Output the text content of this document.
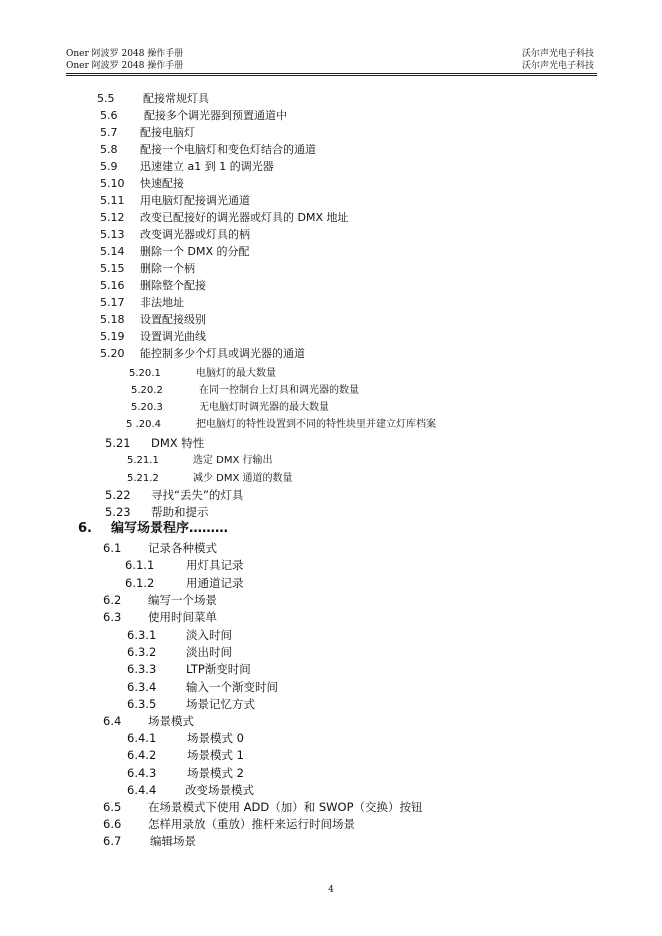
Oner 阿波罗 2048 操作手册	沃尔声光电子科技
Oner 阿波罗 2048 操作手册	沃尔声光电子科技
5.5	配接常规灯具
5.6 配接多个调光器到预置通道中
5.7 配接电脑灯
5.8 配接一个电脑灯和变色灯结合的通道
5.9 迅速建立 a1 到 1 的调光器
5.10 快速配接
5.11 用电脑灯配接调光通道
5.12 改变已配接好的调光器或灯具的 DMX 地址
5.13 改变调光器或灯具的柄
5.14 删除一个 DMX 的分配
5.15 删除一个柄
5.16 删除整个配接
5.17 非法地址
5.18 设置配接级别
5.19 设置调光曲线
5.20 能控制多少个灯具或调光器的通道
5.20.1	电脑灯的最大数量
5.20.2	在同一控制台上灯具和调光器的数量
5.20.3	无电脑灯时调光器的最大数量
5 .20.4	把电脑灯的特性设置到不同的特性块里并建立灯库档案
5.21 DMX 特性
5.21.1	选定 DMX 行输出
5.21.2	减少 DMX 通道的数量
5.22 寻找“丢失”的灯具
5.23 帮助和提示
6. 编写场景程序………
6.1 记录各种模式
6.1.1	用灯具记录
6.1.2	用通道记录
6.2 编写一个场景
6.3 使用时间菜单
6.3.1	淡入时间
6.3.2	淡出时间
6.3.3	LTP渐变时间
6.3.4	输入一个渐变时间
6.3.5	场景记忆方式
6.4 场景模式
6.4.1	场景模式 0
6.4.2	场景模式 1
6.4.3	场景模式 2
6.4.4 改变场景模式
6.5 在场景模式下使用 ADD（加）和 SWOP（交换）按钮
6.6 怎样用录放（重放）推杆来运行时间场景
6.7 编辑场景
4
